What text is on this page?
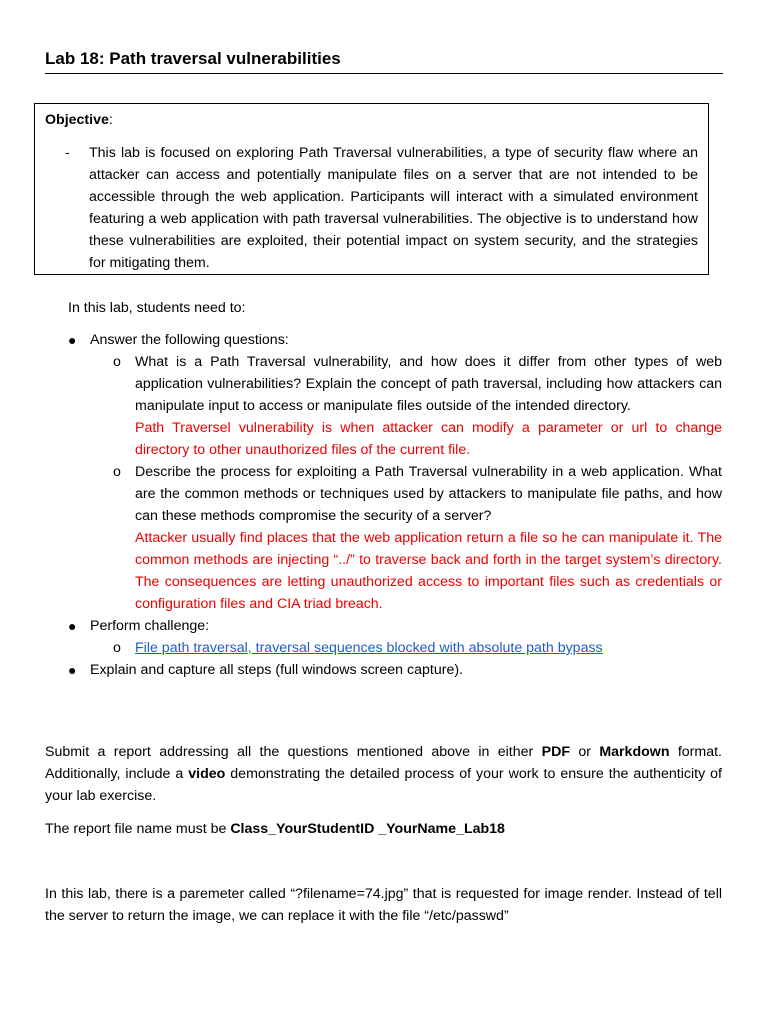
Lab 18: Path traversal vulnerabilities
Objective:
- This lab is focused on exploring Path Traversal vulnerabilities, a type of security flaw where an attacker can access and potentially manipulate files on a server that are not intended to be accessible through the web application. Participants will interact with a simulated environment featuring a web application with path traversal vulnerabilities. The objective is to understand how these vulnerabilities are exploited, their potential impact on system security, and the strategies for mitigating them.
In this lab, students need to:
● Answer the following questions:
o What is a Path Traversal vulnerability, and how does it differ from other types of web application vulnerabilities? Explain the concept of path traversal, including how attackers can manipulate input to access or manipulate files outside of the intended directory.
Path Traversel vulnerability is when attacker can modify a parameter or url to change directory to other unauthorized files of the current file.
o Describe the process for exploiting a Path Traversal vulnerability in a web application. What are the common methods or techniques used by attackers to manipulate file paths, and how can these methods compromise the security of a server?
Attacker usually find places that the web application return a file so he can manipulate it. The common methods are injecting “../” to traverse back and forth in the target system’s directory. The consequences are letting unauthorized access to important files such as credentials or configuration files and CIA triad breach.
● Perform challenge:
o File path traversal, traversal sequences blocked with absolute path bypass
● Explain and capture all steps (full windows screen capture).
Submit a report addressing all the questions mentioned above in either PDF or Markdown format. Additionally, include a video demonstrating the detailed process of your work to ensure the authenticity of your lab exercise.
The report file name must be Class_YourStudentID _YourName_Lab18
In this lab, there is a paremeter called “?filename=74.jpg” that is requested for image render. Instead of tell the server to return the image, we can replace it with the file “/etc/passwd”
